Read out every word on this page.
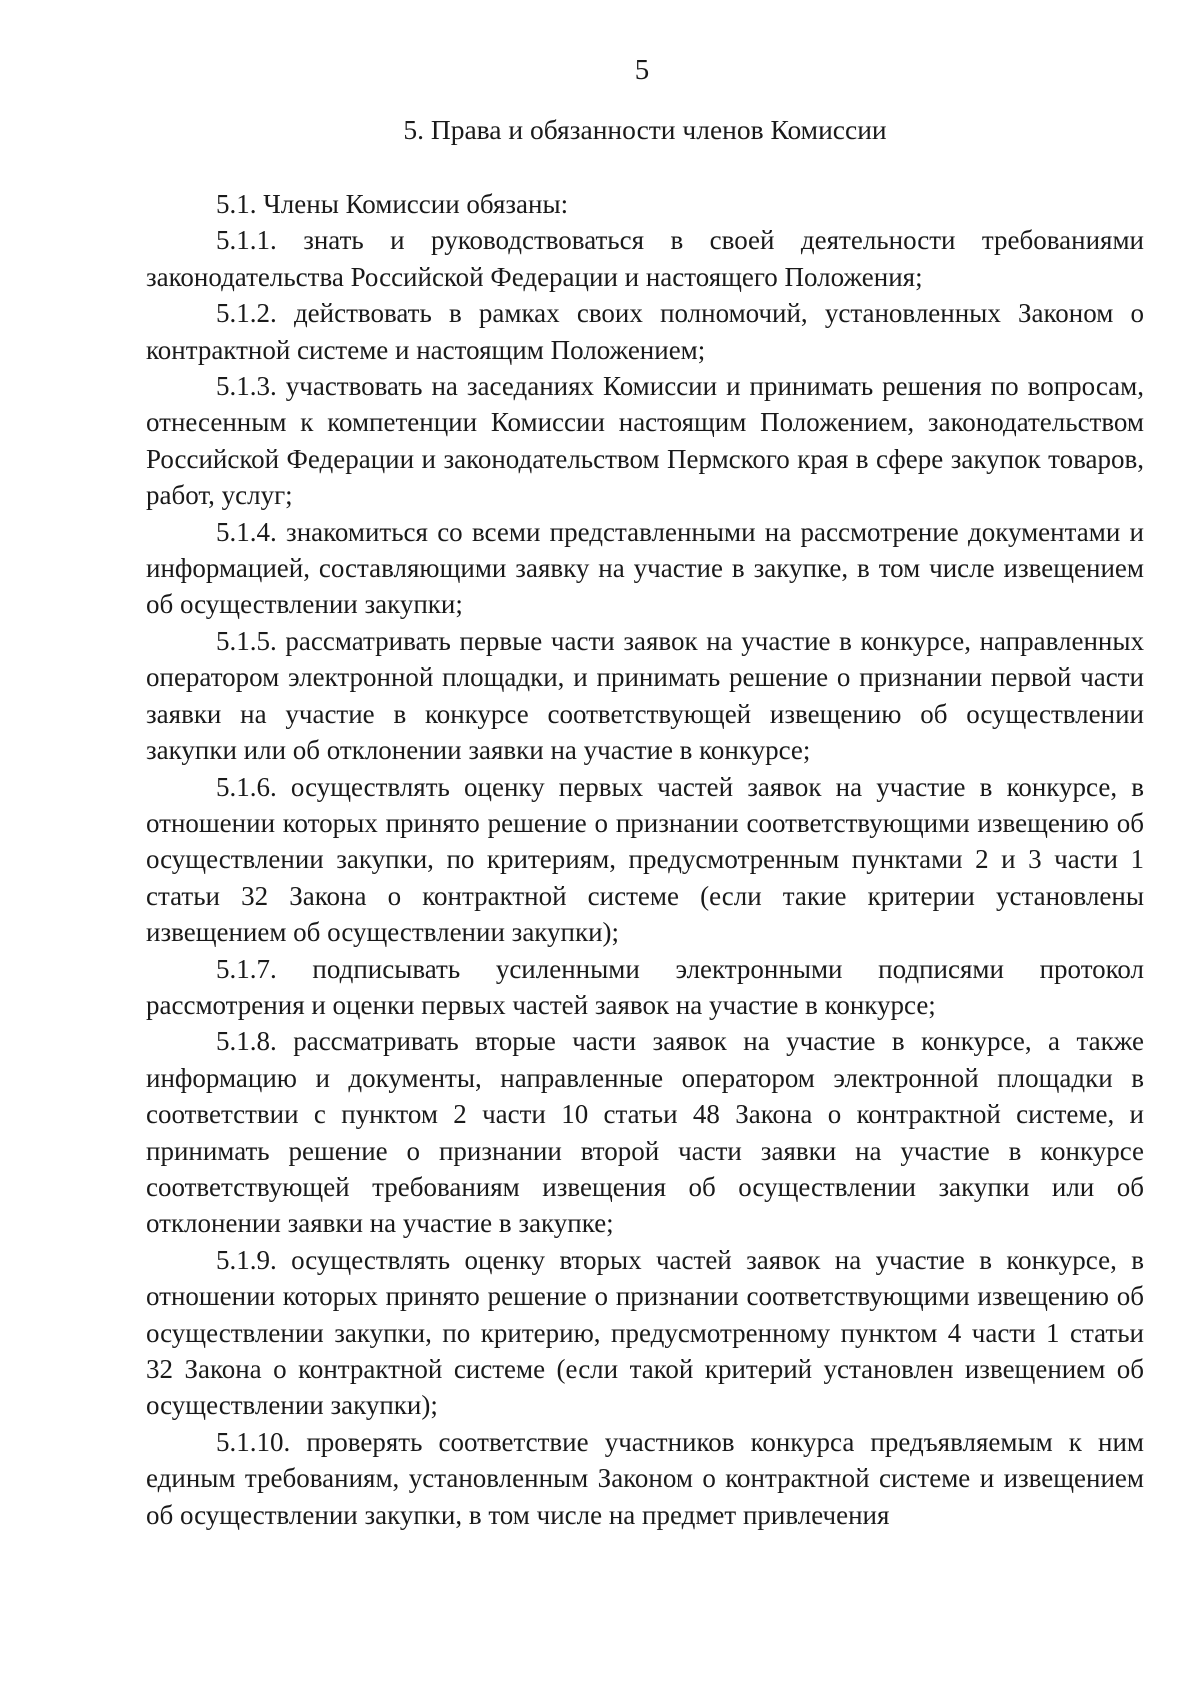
5
5. Права и обязанности членов Комиссии

5.1. Члены Комиссии обязаны:

5.1.1. знать и руководствоваться в своей деятельности требованиями законодательства Российской Федерации и настоящего Положения;

5.1.2. действовать в рамках своих полномочий, установленных Законом о контрактной системе и настоящим Положением;

5.1.3. участвовать на заседаниях Комиссии и принимать решения по вопросам, отнесенным к компетенции Комиссии настоящим Положением, законодательством Российской Федерации и законодательством Пермского края в сфере закупок товаров, работ, услуг;

5.1.4. знакомиться со всеми представленными на рассмотрение документами и информацией, составляющими заявку на участие в закупке, в том числе извещением об осуществлении закупки;

5.1.5. рассматривать первые части заявок на участие в конкурсе, направленных оператором электронной площадки, и принимать решение о признании первой части заявки на участие в конкурсе соответствующей извещению об осуществлении закупки или об отклонении заявки на участие в конкурсе;

5.1.6. осуществлять оценку первых частей заявок на участие в конкурсе, в отношении которых принято решение о признании соответствующими извещению об осуществлении закупки, по критериям, предусмотренным пунктами 2 и 3 части 1 статьи 32 Закона о контрактной системе (если такие критерии установлены извещением об осуществлении закупки);

5.1.7. подписывать усиленными электронными подписями протокол рассмотрения и оценки первых частей заявок на участие в конкурсе;

5.1.8. рассматривать вторые части заявок на участие в конкурсе, а также информацию и документы, направленные оператором электронной площадки в соответствии с пунктом 2 части 10 статьи 48 Закона о контрактной системе, и принимать решение о признании второй части заявки на участие в конкурсе соответствующей требованиям извещения об осуществлении закупки или об отклонении заявки на участие в закупке;

5.1.9. осуществлять оценку вторых частей заявок на участие в конкурсе, в отношении которых принято решение о признании соответствующими извещению об осуществлении закупки, по критерию, предусмотренному пунктом 4 части 1 статьи 32 Закона о контрактной системе (если такой критерий установлен извещением об осуществлении закупки);

5.1.10. проверять соответствие участников конкурса предъявляемым к ним единым требованиям, установленным Законом о контрактной системе и извещением об осуществлении закупки, в том числе на предмет привлечения
